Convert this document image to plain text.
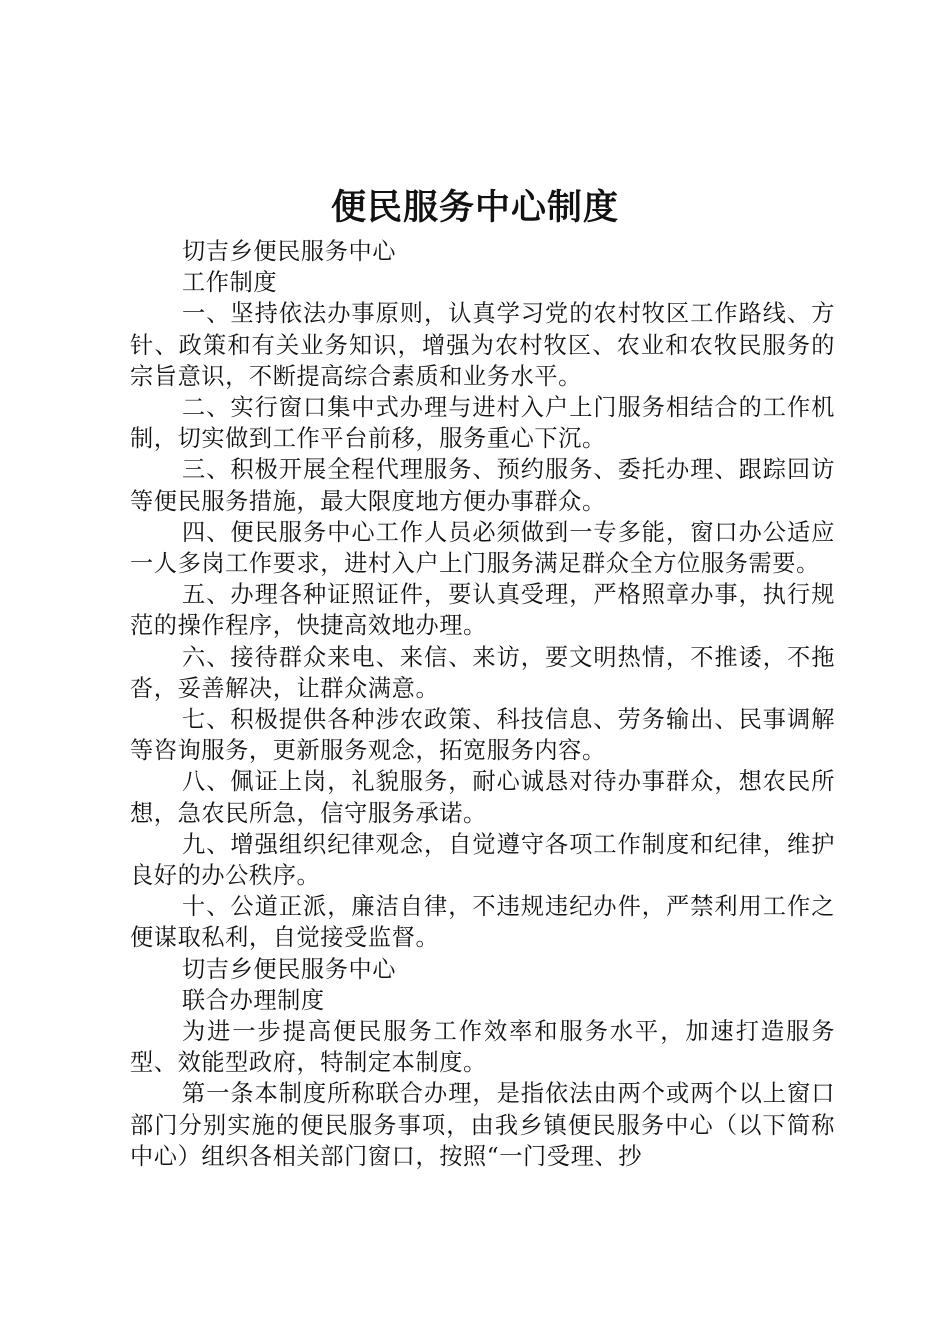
便民服务中心制度

切吉乡便民服务中心

工作制度

一、坚持依法办事原则，认真学习党的农村牧区工作路线、方针、政策和有关业务知识，增强为农村牧区、农业和农牧民服务的宗旨意识，不断提高综合素质和业务水平。

二、实行窗口集中式办理与进村入户上门服务相结合的工作机制，切实做到工作平台前移，服务重心下沉。

三、积极开展全程代理服务、预约服务、委托办理、跟踪回访等便民服务措施，最大限度地方便办事群众。

四、便民服务中心工作人员必须做到一专多能，窗口办公适应一人多岗工作要求，进村入户上门服务满足群众全方位服务需要。

五、办理各种证照证件，要认真受理，严格照章办事，执行规范的操作程序，快捷高效地办理。

六、接待群众来电、来信、来访，要文明热情，不推诿，不拖沓，妥善解决，让群众满意。

七、积极提供各种涉农政策、科技信息、劳务输出、民事调解等咨询服务，更新服务观念，拓宽服务内容。

八、佩证上岗，礼貌服务，耐心诚恳对待办事群众，想农民所想，急农民所急，信守服务承诺。

九、增强组织纪律观念，自觉遵守各项工作制度和纪律，维护良好的办公秩序。

十、公道正派，廉洁自律，不违规违纪办件，严禁利用工作之便谋取私利，自觉接受监督。

切吉乡便民服务中心

联合办理制度

为进一步提高便民服务工作效率和服务水平，加速打造服务型、效能型政府，特制定本制度。

第一条本制度所称联合办理，是指依法由两个或两个以上窗口部门分别实施的便民服务事项，由我乡镇便民服务中心（以下简称中心）组织各相关部门窗口，按照“一门受理、抄
